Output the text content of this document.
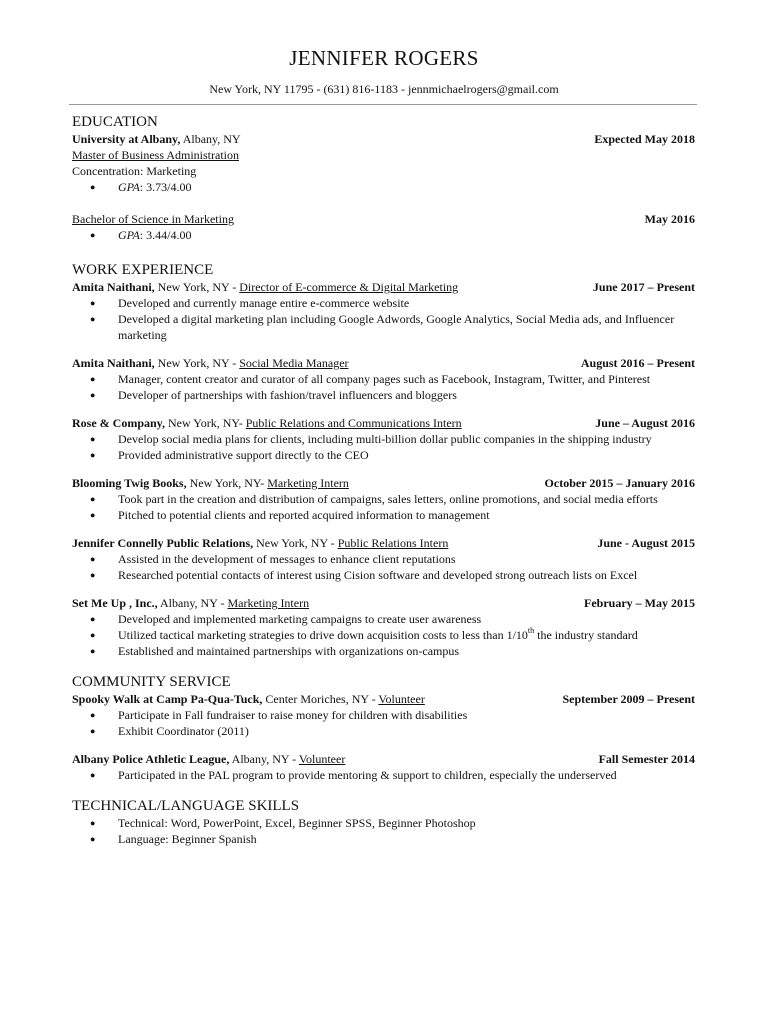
JENNIFER ROGERS
New York, NY 11795 - (631) 816-1183 - jennmichaelrogers@gmail.com
EDUCATION
University at Albany, Albany, NY	Expected May 2018
Master of Business Administration
Concentration: Marketing
● GPA: 3.73/4.00
Bachelor of Science in Marketing	May 2016
● GPA: 3.44/4.00
WORK EXPERIENCE
Amita Naithani, New York, NY - Director of E-commerce & Digital Marketing	June 2017 – Present
● Developed and currently manage entire e-commerce website
● Developed a digital marketing plan including Google Adwords, Google Analytics, Social Media ads, and Influencer marketing
Amita Naithani, New York, NY - Social Media Manager	August 2016 – Present
● Manager, content creator and curator of all company pages such as Facebook, Instagram, Twitter, and Pinterest
● Developer of partnerships with fashion/travel influencers and bloggers
Rose & Company, New York, NY- Public Relations and Communications Intern	June – August 2016
● Develop social media plans for clients, including multi-billion dollar public companies in the shipping industry
● Provided administrative support directly to the CEO
Blooming Twig Books, New York, NY- Marketing Intern	October 2015 – January 2016
● Took part in the creation and distribution of campaigns, sales letters, online promotions, and social media efforts
● Pitched to potential clients and reported acquired information to management
Jennifer Connelly Public Relations, New York, NY - Public Relations Intern	June - August 2015
● Assisted in the development of messages to enhance client reputations
● Researched potential contacts of interest using Cision software and developed strong outreach lists on Excel
Set Me Up , Inc., Albany, NY - Marketing Intern	February – May 2015
● Developed and implemented marketing campaigns to create user awareness
● Utilized tactical marketing strategies to drive down acquisition costs to less than 1/10th the industry standard
● Established and maintained partnerships with organizations on-campus
COMMUNITY SERVICE
Spooky Walk at Camp Pa-Qua-Tuck, Center Moriches, NY - Volunteer	September 2009 – Present
● Participate in Fall fundraiser to raise money for children with disabilities
● Exhibit Coordinator (2011)
Albany Police Athletic League, Albany, NY - Volunteer	Fall Semester 2014
● Participated in the PAL program to provide mentoring & support to children, especially the underserved
TECHNICAL/LANGUAGE SKILLS
● Technical: Word, PowerPoint, Excel, Beginner SPSS, Beginner Photoshop
● Language: Beginner Spanish
